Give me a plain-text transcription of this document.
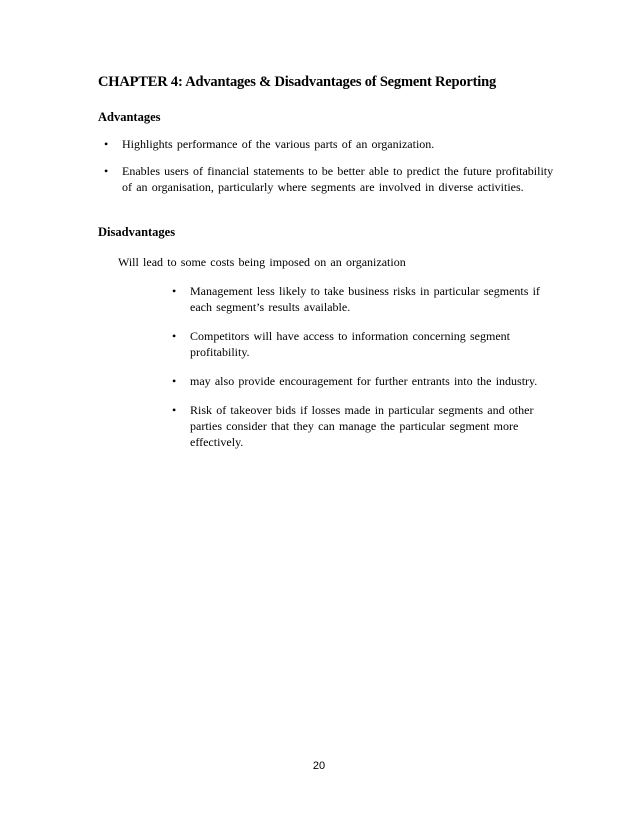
CHAPTER 4: Advantages & Disadvantages of Segment Reporting
Advantages
• Highlights performance of the various parts of an organization.
• Enables users of financial statements to be better able to predict the future profitability of an organisation, particularly where segments are involved in diverse activities.
Disadvantages
Will lead to some costs being imposed on an organization
• Management less likely to take business risks in particular segments if each segment’s results available.
• Competitors will have access to information concerning segment profitability.
• may also provide encouragement for further entrants into the industry.
• Risk of takeover bids if losses made in particular segments and other parties consider that they can manage the particular segment more effectively.
20
